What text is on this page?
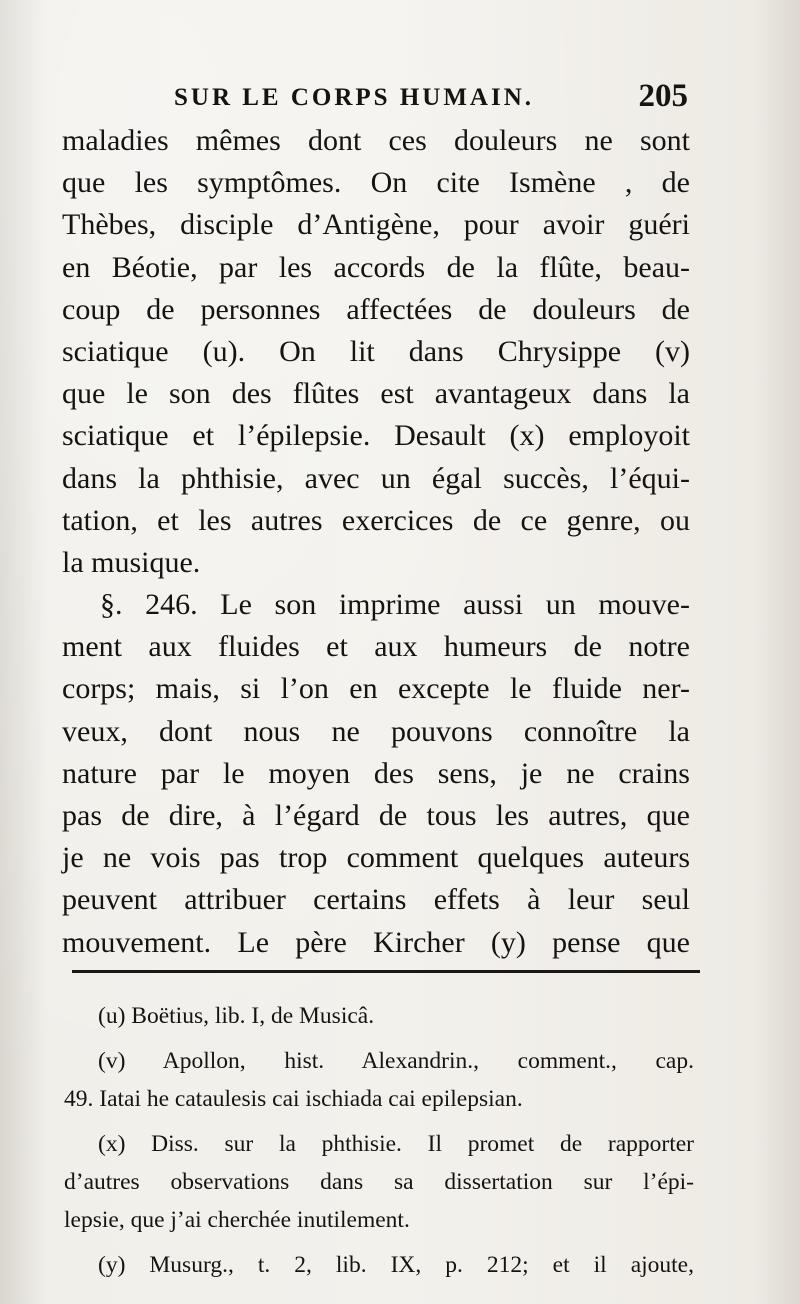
SUR LE CORPS HUMAIN.	205
maladies mêmes dont ces douleurs ne sont
que les symptômes. On cite Ismène , de
Thèbes, disciple d’Antigène, pour avoir guéri
en Béotie, par les accords de la flûte, beau-
coup de personnes affectées de douleurs de
sciatique (u). On lit dans Chrysippe (v)
que le son des flûtes est avantageux dans la
sciatique et l’épilepsie. Desault (x) employoit
dans la phthisie, avec un égal succès, l’équi-
tation, et les autres exercices de ce genre, ou
la musique.
§. 246. Le son imprime aussi un mouve-
ment aux fluides et aux humeurs de notre
corps; mais, si l’on en excepte le fluide ner-
veux, dont nous ne pouvons connoître la
nature par le moyen des sens, je ne crains
pas de dire, à l’égard de tous les autres, que
je ne vois pas trop comment quelques auteurs
peuvent attribuer certains effets à leur seul
mouvement. Le père Kircher (y) pense que
(u) Boëtius, lib. I, de Musicâ.
(v) Apollon, hist. Alexandrin., comment., cap.
49. Iatai he cataulesis cai ischiada cai epilepsian.
(x) Diss. sur la phthisie. Il promet de rapporter
d’autres observations dans sa dissertation sur l’épi-
lepsie, que j’ai cherchée inutilement.
(y) Musurg., t. 2, lib. IX, p. 212; et il ajoute,
